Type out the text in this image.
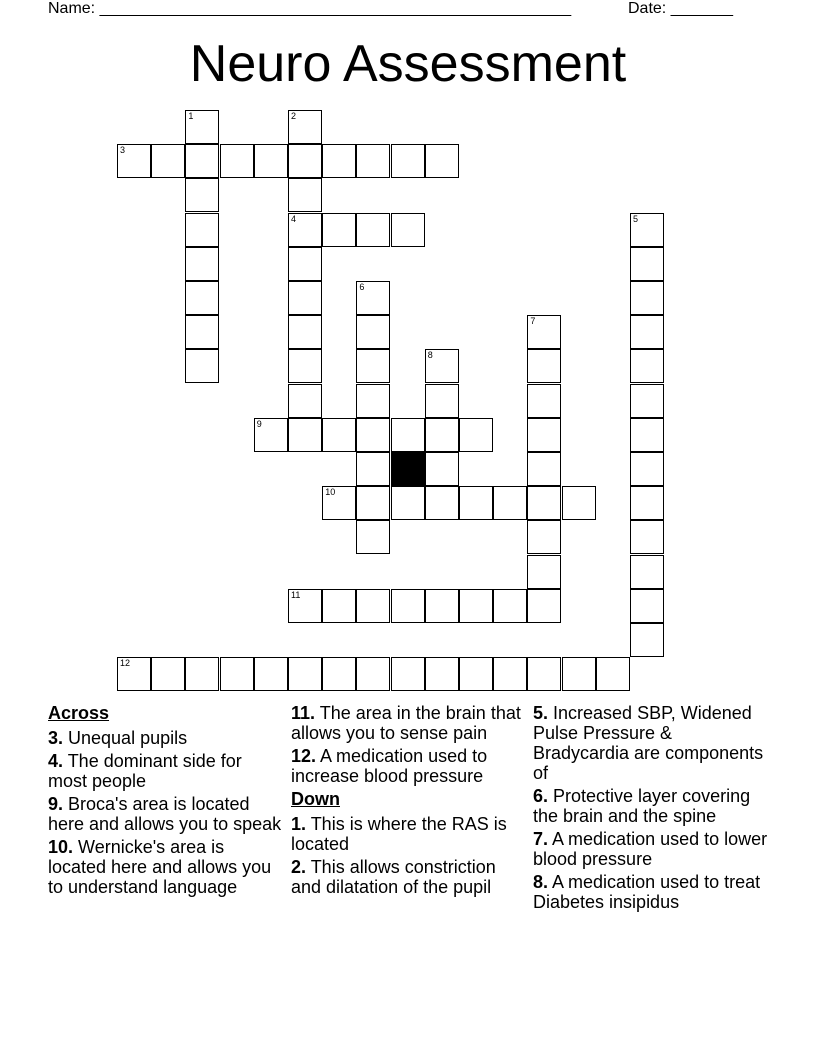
Name: _____________________________________________________	Date: _______
Neuro Assessment
1	2
3
4	5
6
7
8
9
10
11
12
Across
3. Unequal pupils
4. The dominant side for most people
9. Broca's area is located here and allows you to speak
10. Wernicke's area is located here and allows you to understand language
11. The area in the brain that allows you to sense pain
12. A medication used to increase blood pressure
Down
1. This is where the RAS is located
2. This allows constriction and dilatation of the pupil
5. Increased SBP, Widened Pulse Pressure & Bradycardia are components of
6. Protective layer covering the brain and the spine
7. A medication used to lower blood pressure
8. A medication used to treat Diabetes insipidus
